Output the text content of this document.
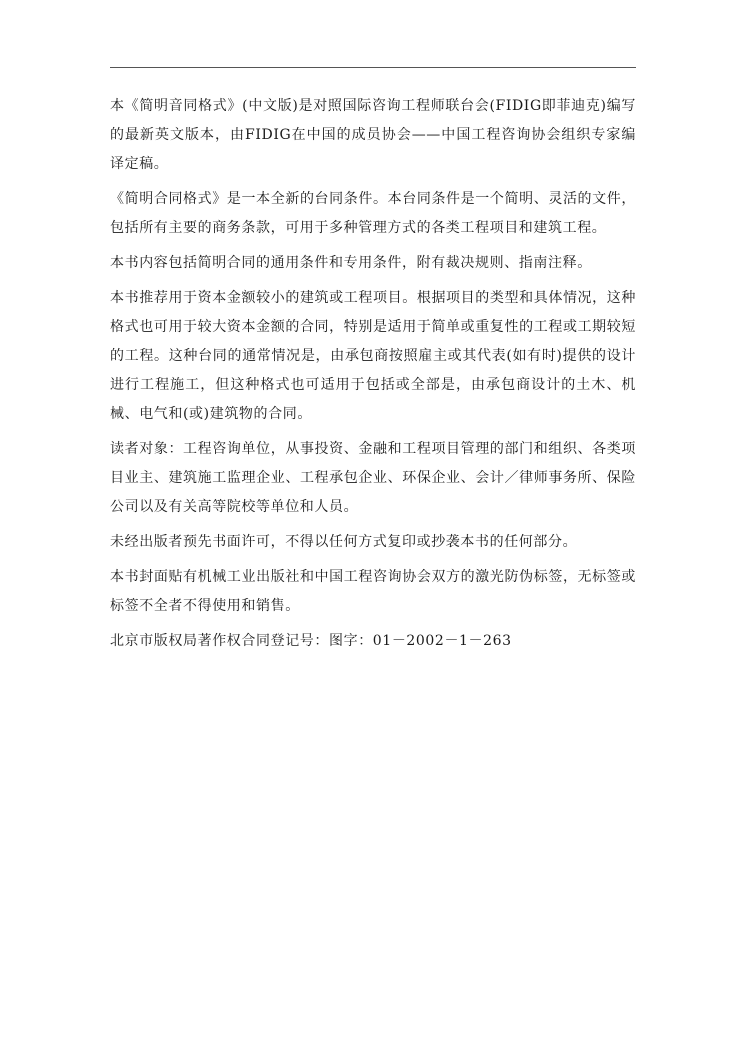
本《简明音同格式》(中文版)是对照国际咨询工程师联台会(FIDIG即菲迪克)编写的最新英文版本，由FIDIG在中国的成员协会——中国工程咨询协会组织专家编译定稿。

《简明合同格式》是一本全新的台同条件。本台同条件是一个简明、灵活的文件，包括所有主要的商务条款，可用于多种管理方式的各类工程项目和建筑工程。

本书内容包括简明合同的通用条件和专用条件，附有裁决规则、指南注释。

本书推荐用于资本金额较小的建筑或工程项目。根据项目的类型和具体情况，这种格式也可用于较大资本金额的合同，特别是适用于简单或重复性的工程或工期较短的工程。这种台同的通常情况是，由承包商按照雇主或其代表(如有时)提供的设计进行工程施工，但这种格式也可适用于包括或全部是，由承包商设计的土木、机械、电气和(或)建筑物的合同。

读者对象：工程咨询单位，从事投资、金融和工程项目管理的部门和组织、各类项目业主、建筑施工监理企业、工程承包企业、环保企业、会计／律师事务所、保险公司以及有关高等院校等单位和人员。

未经出版者预先书面许可，不得以任何方式复印或抄袭本书的任何部分。

本书封面贴有机械工业出版社和中国工程咨询协会双方的激光防伪标签，无标签或标签不全者不得使用和销售。

北京市版权局著作权合同登记号：图字：01－2002－1－263
